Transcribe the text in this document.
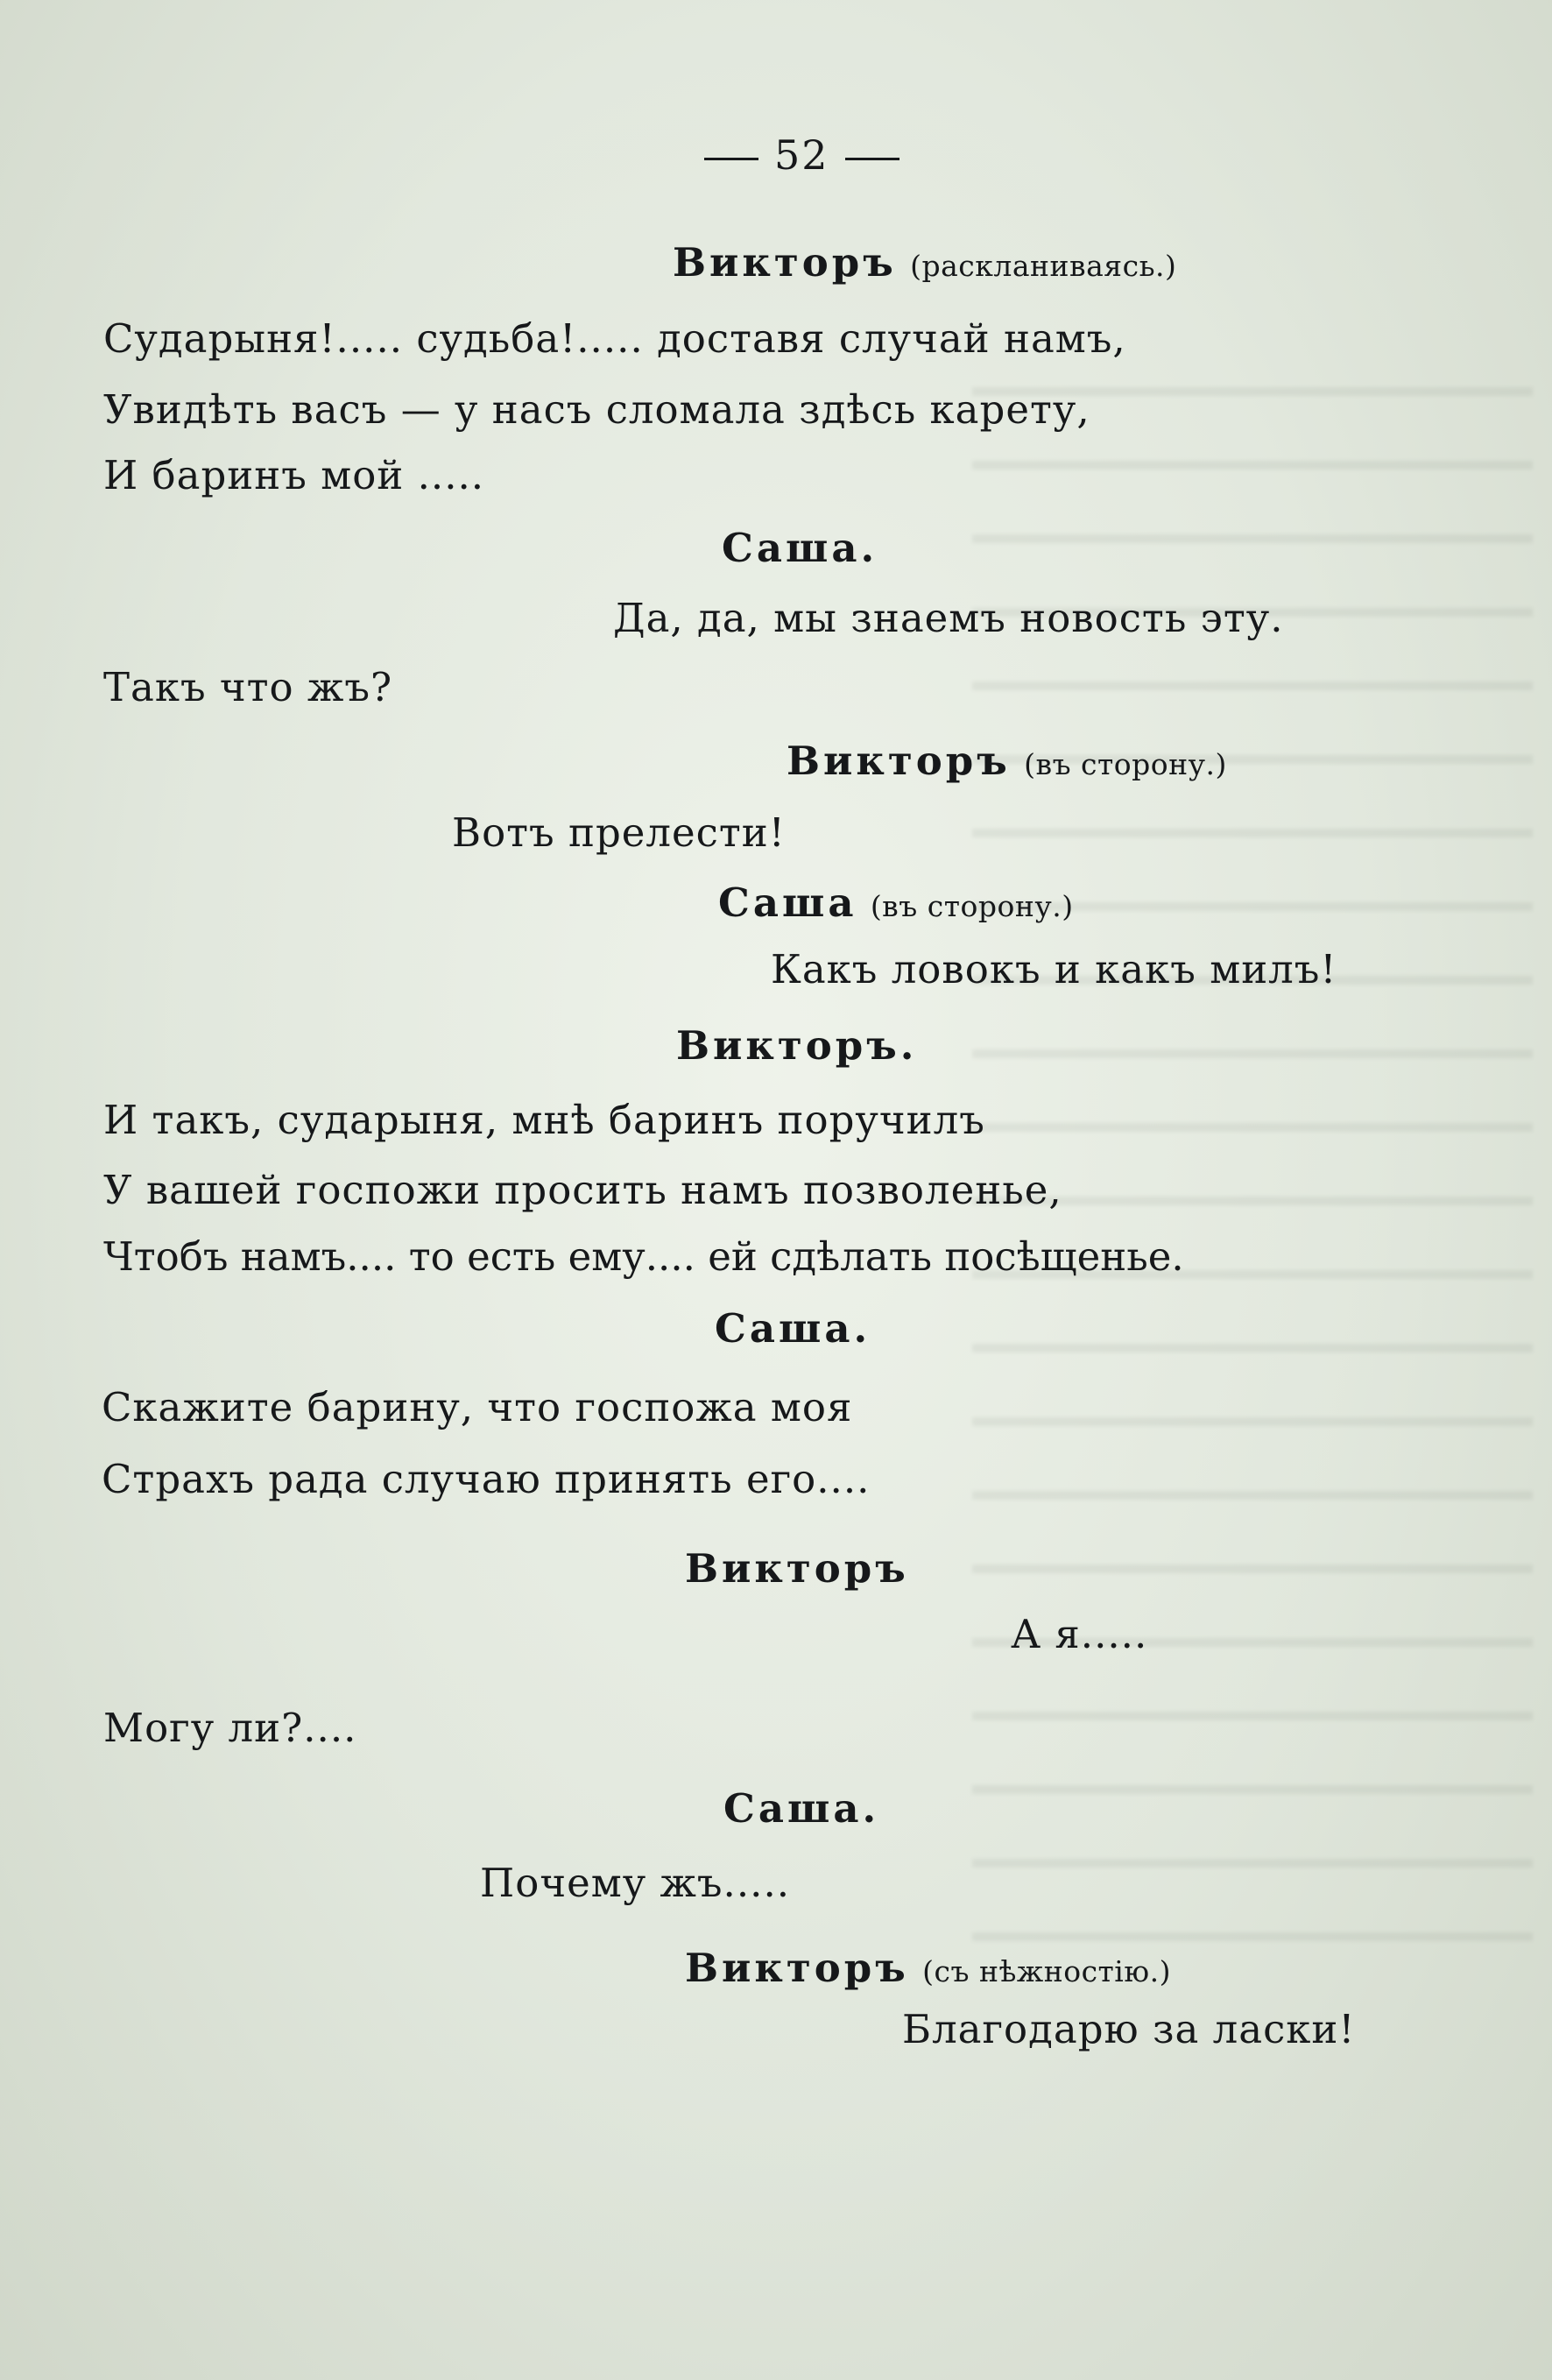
52
Викторъ (раскланиваясь.)
Сударыня!..... судьба!..... доставя случай намъ,
Увидѣть васъ — у насъ сломала здѣсь карету,
И баринъ мой .....
Саша.
Да, да, мы знаемъ новость эту.
Такъ что жъ?
Викторъ (въ сторону.)
Вотъ прелести!
Саша (въ сторону.)
Какъ ловокъ и какъ милъ!
Викторъ.
И такъ, сударыня, мнѣ баринъ поручилъ
У вашей госпожи просить намъ позволенье,
Чтобъ намъ.... то есть ему.... ей сдѣлать посѣщенье.
Саша.
Скажите барину, что госпожа моя
Страхъ рада случаю принять его....
Викторъ
А я.....
Могу ли?....
Саша.
Почему жъ.....
Викторъ (съ нѣжностію.)
Благодарю за ласки!
